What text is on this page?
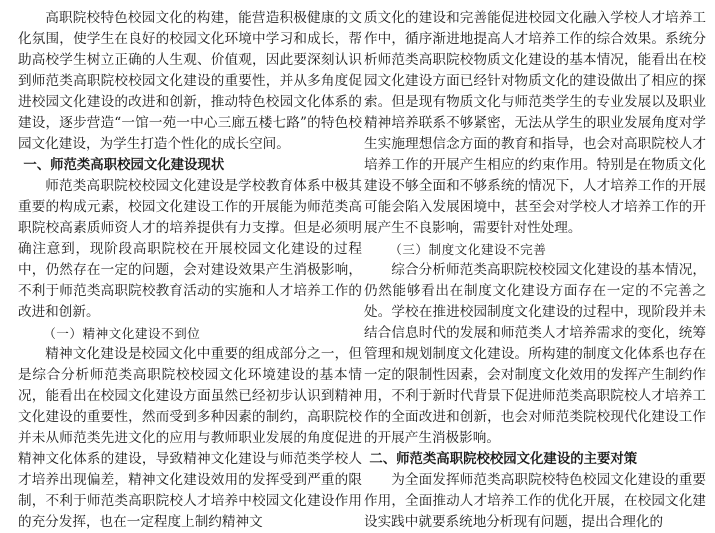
高职院校特色校园文化的构建，能营造积极健康的文化氛围，使学生在良好的校园文化环境中学习和成长，帮助高校学生树立正确的人生观、价值观，因此要深刻认识到师范类高职院校校园文化建设的重要性，并从多角度促进校园文化建设的改进和创新，推动特色校园文化体系的建设，逐步营造“一馆一苑一中心三廊五楼七路”的特色校园文化建设，为学生打造个性化的成长空间。

一、师范类高职校园文化建设现状

师范类高职院校校园文化建设是学校教育体系中极其重要的构成元素，校园文化建设工作的开展能为师范类高职院校高素质师资人才的培养提供有力支撑。但是必须明确注意到，现阶段高职院校在开展校园文化建设的过程中，仍然存在一定的问题，会对建设效果产生消极影响，不利于师范类高职院校教育活动的实施和人才培养工作的改进和创新。

（一）精神文化建设不到位

精神文化建设是校园文化中重要的组成部分之一，但是综合分析师范类高职院校校园文化环境建设的基本情况，能看出在校园文化建设方面虽然已经初步认识到精神文化建设的重要性，然而受到多种因素的制约，高职院校并未从师范类先进文化的应用与教师职业发展的角度促进精神文化体系的建设，导致精神文化建设与师范类学校人才培养出现偏差，精神文化建设效用的发挥受到严重的限制，不利于师范类高职院校人才培养中校园文化建设作用的充分发挥，也在一定程度上制约精神文

质文化的建设和完善能促进校园文化融入学校人才培养工作中，循序渐进地提高人才培养工作的综合效果。系统分析师范类高职院校物质文化建设的基本情况，能看出在校园文化建设方面已经针对物质文化的建设做出了相应的探索。但是现有物质文化与师范类学生的专业发展以及职业精神培养联系不够紧密，无法从学生的职业发展角度对学生实施理想信念方面的教育和指导，也会对高职院校人才培养工作的开展产生相应的约束作用。特别是在物质文化建设不够全面和不够系统的情况下，人才培养工作的开展可能会陷入发展困境中，甚至会对学校人才培养工作的开展产生不良影响，需要针对性处理。

（三）制度文化建设不完善

综合分析师范类高职院校校园文化建设的基本情况，仍然能够看出在制度文化建设方面存在一定的不完善之处。学校在推进校园制度文化建设的过程中，现阶段并未结合信息时代的发展和师范类人才培养需求的变化，统筹管理和规划制度文化建设。所构建的制度文化体系也存在一定的限制性因素，会对制度文化效用的发挥产生制约作用，不利于新时代背景下促进师范类高职院校人才培养工作的全面改进和创新，也会对师范类院校现代化建设工作的开展产生消极影响。

二、师范类高职院校校园文化建设的主要对策

为全面发挥师范类高职院校特色校园文化建设的重要作用，全面推动人才培养工作的优化开展，在校园文化建设实践中就要系统地分析现有问题，提出合理化的
